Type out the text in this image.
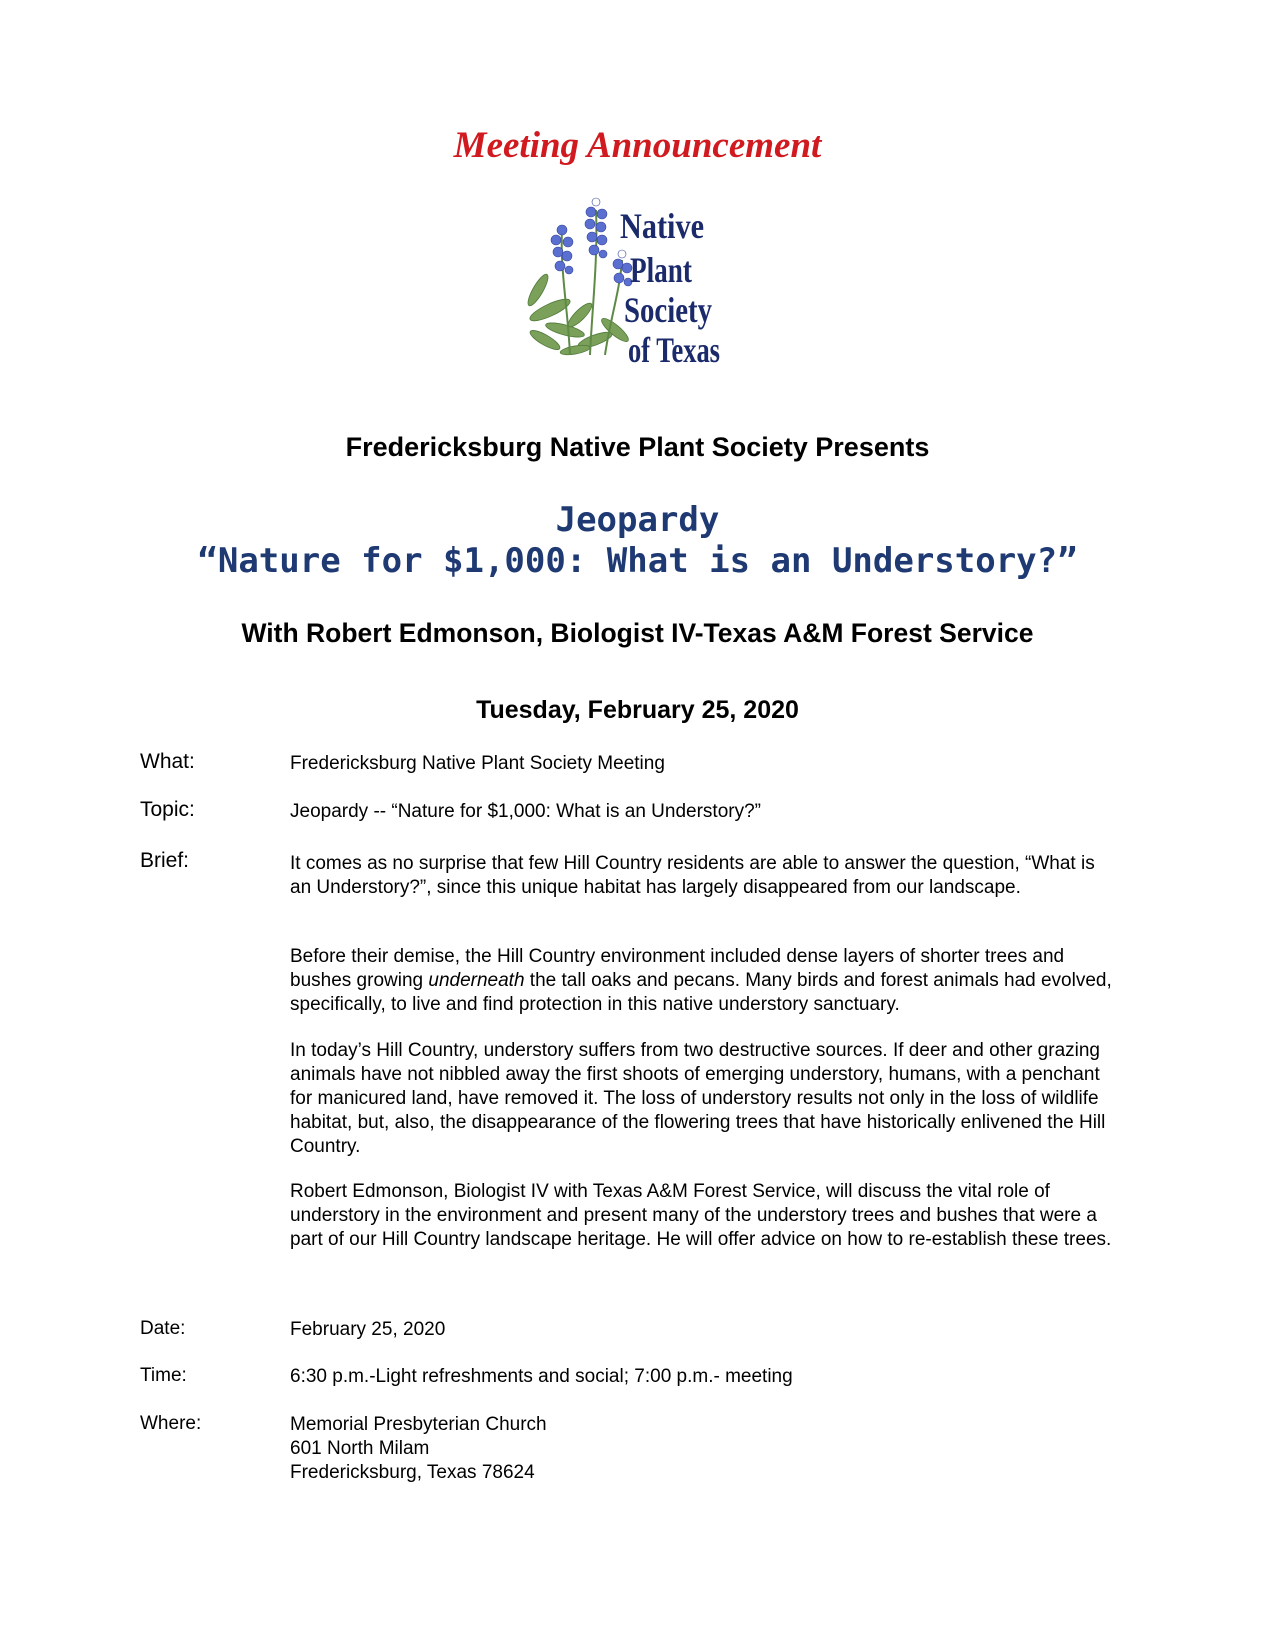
Meeting Announcement
Native
Plant
Society
of Texas
Fredericksburg Native Plant Society Presents
Jeopardy
“Nature for $1,000: What is an Understory?”
With Robert Edmonson, Biologist IV-Texas A&M Forest Service
Tuesday, February 25, 2020
What:	Fredericksburg Native Plant Society Meeting
Topic:	Jeopardy -- “Nature for $1,000: What is an Understory?”
Brief:	It comes as no surprise that few Hill Country residents are able to answer the question, “What is an Understory?”, since this unique habitat has largely disappeared from our landscape.

Before their demise, the Hill Country environment included dense layers of shorter trees and bushes growing underneath the tall oaks and pecans. Many birds and forest animals had evolved, specifically, to live and find protection in this native understory sanctuary.

In today’s Hill Country, understory suffers from two destructive sources. If deer and other grazing animals have not nibbled away the first shoots of emerging understory, humans, with a penchant for manicured land, have removed it. The loss of understory results not only in the loss of wildlife habitat, but, also, the disappearance of the flowering trees that have historically enlivened the Hill Country.

Robert Edmonson, Biologist IV with Texas A&M Forest Service, will discuss the vital role of understory in the environment and present many of the understory trees and bushes that were a part of our Hill Country landscape heritage. He will offer advice on how to re-establish these trees.

Date:	February 25, 2020
Time:	6:30 p.m.-Light refreshments and social; 7:00 p.m.- meeting
Where:	Memorial Presbyterian Church

601 North Milam

Fredericksburg, Texas 78624
